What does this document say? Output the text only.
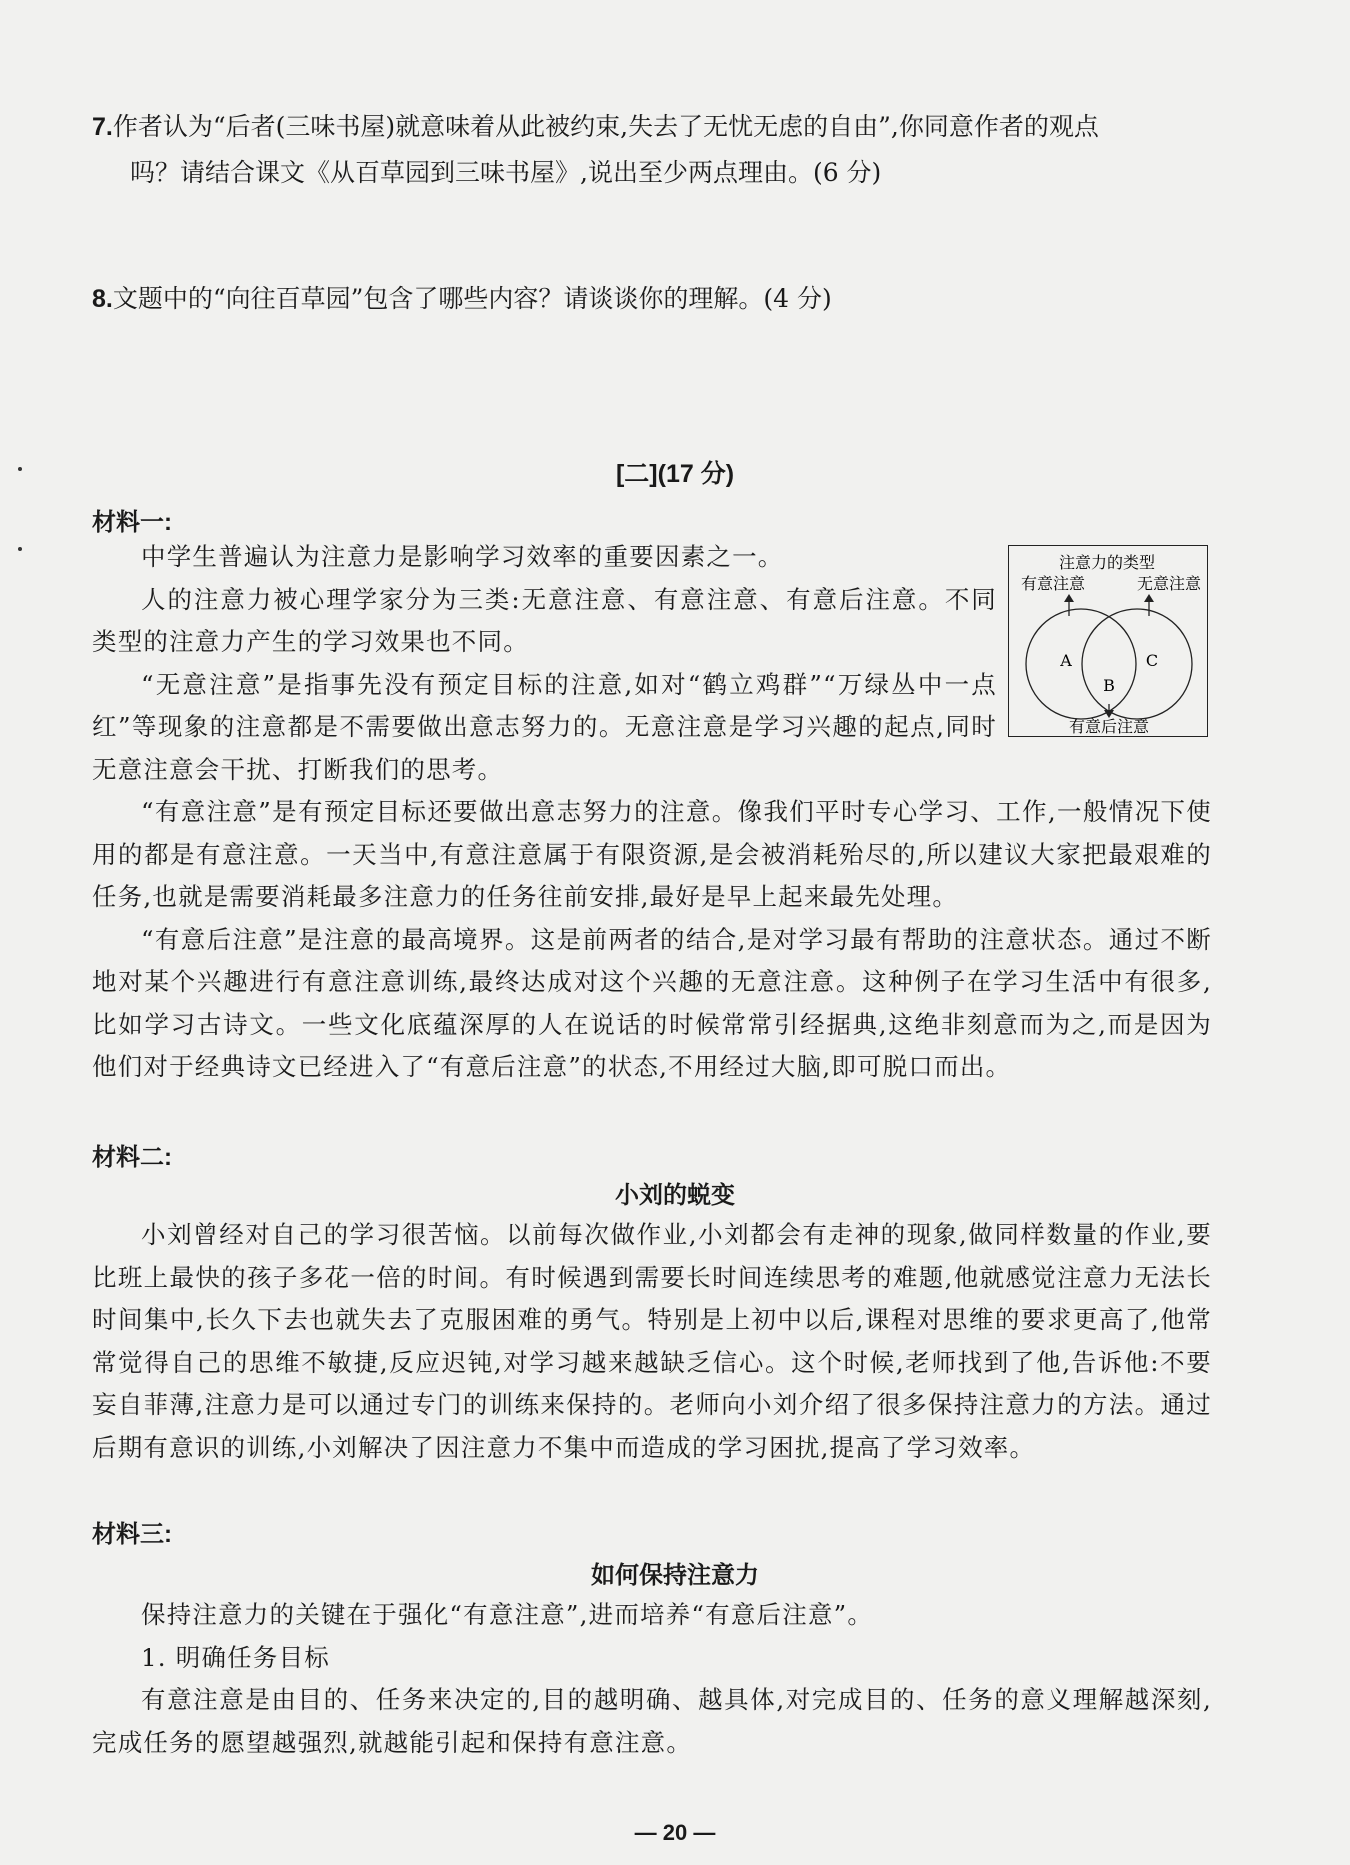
7.作者认为“后者(三味书屋)就意味着从此被约束,失去了无忧无虑的自由”,你同意作者的观点
吗？请结合课文《从百草园到三味书屋》,说出至少两点理由。(6 分)
8.文题中的“向往百草园”包含了哪些内容？请谈谈你的理解。(4 分)
[二](17 分)
材料一:

中学生普遍认为注意力是影响学习效率的重要因素之一。

人的注意力被心理学家分为三类:无意注意、有意注意、有意后注意。不同类型的注意力产生的学习效果也不同。

“无意注意”是指事先没有预定目标的注意,如对“鹤立鸡群”“万绿丛中一点红”等现象的注意都是不需要做出意志努力的。无意注意是学习兴趣的起点,同时无意注意会干扰、打断我们的思考。

注意力的类型
有意注意	无意注意
A
B
C
有意后注意

“有意注意”是有预定目标还要做出意志努力的注意。像我们平时专心学习、工作,一般情况下使用的都是有意注意。一天当中,有意注意属于有限资源,是会被消耗殆尽的,所以建议大家把最艰难的任务,也就是需要消耗最多注意力的任务往前安排,最好是早上起来最先处理。

“有意后注意”是注意的最高境界。这是前两者的结合,是对学习最有帮助的注意状态。通过不断地对某个兴趣进行有意注意训练,最终达成对这个兴趣的无意注意。这种例子在学习生活中有很多,比如学习古诗文。一些文化底蕴深厚的人在说话的时候常常引经据典,这绝非刻意而为之,而是因为他们对于经典诗文已经进入了“有意后注意”的状态,不用经过大脑,即可脱口而出。

材料二:
小刘的蜕变

小刘曾经对自己的学习很苦恼。以前每次做作业,小刘都会有走神的现象,做同样数量的作业,要比班上最快的孩子多花一倍的时间。有时候遇到需要长时间连续思考的难题,他就感觉注意力无法长时间集中,长久下去也就失去了克服困难的勇气。特别是上初中以后,课程对思维的要求更高了,他常常觉得自己的思维不敏捷,反应迟钝,对学习越来越缺乏信心。这个时候,老师找到了他,告诉他:不要妄自菲薄,注意力是可以通过专门的训练来保持的。老师向小刘介绍了很多保持注意力的方法。通过后期有意识的训练,小刘解决了因注意力不集中而造成的学习困扰,提高了学习效率。

材料三:
如何保持注意力

保持注意力的关键在于强化“有意注意”,进而培养“有意后注意”。

1. 明确任务目标

有意注意是由目的、任务来决定的,目的越明确、越具体,对完成目的、任务的意义理解越深刻,完成任务的愿望越强烈,就越能引起和保持有意注意。

— 20 —
